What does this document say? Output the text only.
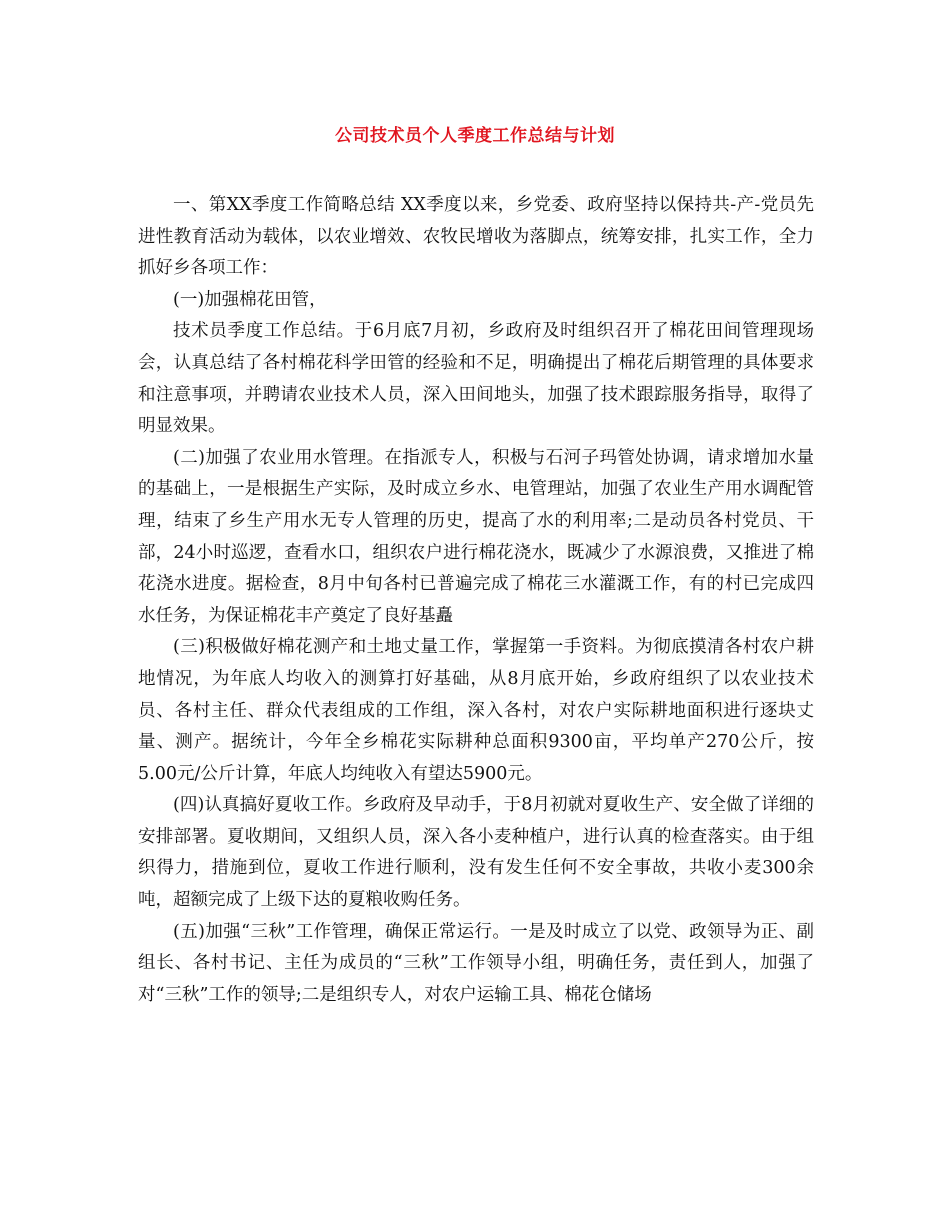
公司技术员个人季度工作总结与计划

一、第XX季度工作简略总结 XX季度以来，乡党委、政府坚持以保持共-产-党员先进性教育活动为载体，以农业增效、农牧民增收为落脚点，统筹安排，扎实工作，全力抓好乡各项工作：

(一)加强棉花田管，

技术员季度工作总结。于6月底7月初，乡政府及时组织召开了棉花田间管理现场会，认真总结了各村棉花科学田管的经验和不足，明确提出了棉花后期管理的具体要求和注意事项，并聘请农业技术人员，深入田间地头，加强了技术跟踪服务指导，取得了明显效果。

(二)加强了农业用水管理。在指派专人，积极与石河子玛管处协调，请求增加水量的基础上，一是根据生产实际，及时成立乡水、电管理站，加强了农业生产用水调配管理，结束了乡生产用水无专人管理的历史，提高了水的利用率;二是动员各村党员、干部，24小时巡逻，查看水口，组织农户进行棉花浇水，既减少了水源浪费，又推进了棉花浇水进度。据检查，8月中旬各村已普遍完成了棉花三水灌溉工作，有的村已完成四水任务，为保证棉花丰产奠定了良好基矗

(三)积极做好棉花测产和土地丈量工作，掌握第一手资料。为彻底摸清各村农户耕地情况，为年底人均收入的测算打好基础，从8月底开始，乡政府组织了以农业技术员、各村主任、群众代表组成的工作组，深入各村，对农户实际耕地面积进行逐块丈量、测产。据统计，今年全乡棉花实际耕种总面积9300亩，平均单产270公斤，按5.00元/公斤计算，年底人均纯收入有望达5900元。

(四)认真搞好夏收工作。乡政府及早动手，于8月初就对夏收生产、安全做了详细的安排部署。夏收期间，又组织人员，深入各小麦种植户，进行认真的检查落实。由于组织得力，措施到位，夏收工作进行顺利，没有发生任何不安全事故，共收小麦300余吨，超额完成了上级下达的夏粮收购任务。

(五)加强“三秋”工作管理，确保正常运行。一是及时成立了以党、政领导为正、副组长、各村书记、主任为成员的“三秋”工作领导小组，明确任务，责任到人，加强了对“三秋”工作的领导;二是组织专人，对农户运输工具、棉花仓储场
